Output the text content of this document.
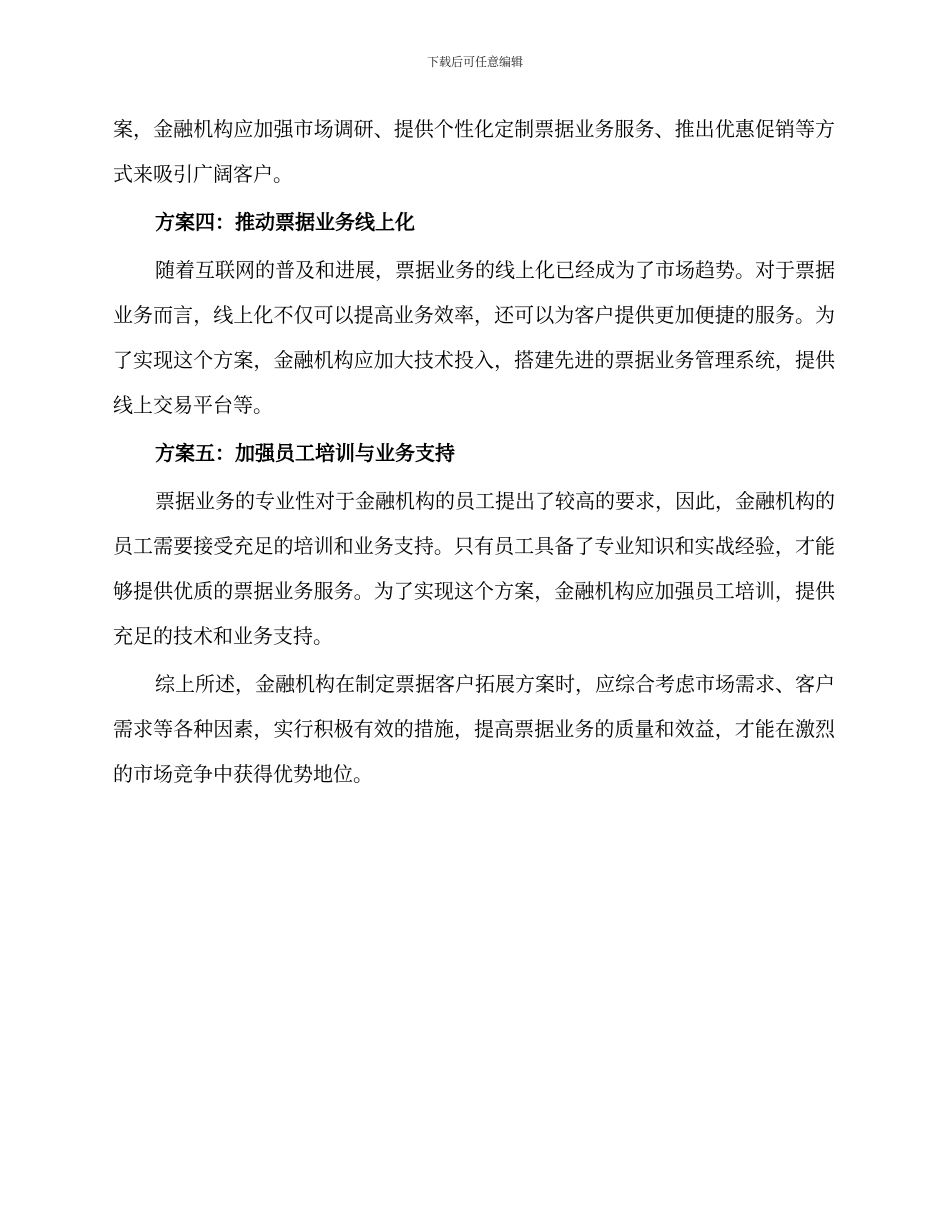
下载后可任意编辑

案，金融机构应加强市场调研、提供个性化定制票据业务服务、推出优惠促销等方式来吸引广阔客户。

方案四：推动票据业务线上化

随着互联网的普及和进展，票据业务的线上化已经成为了市场趋势。对于票据业务而言，线上化不仅可以提高业务效率，还可以为客户提供更加便捷的服务。为了实现这个方案，金融机构应加大技术投入，搭建先进的票据业务管理系统，提供线上交易平台等。

方案五：加强员工培训与业务支持

票据业务的专业性对于金融机构的员工提出了较高的要求，因此，金融机构的员工需要接受充足的培训和业务支持。只有员工具备了专业知识和实战经验，才能够提供优质的票据业务服务。为了实现这个方案，金融机构应加强员工培训，提供充足的技术和业务支持。

综上所述，金融机构在制定票据客户拓展方案时，应综合考虑市场需求、客户需求等各种因素，实行积极有效的措施，提高票据业务的质量和效益，才能在激烈的市场竞争中获得优势地位。
